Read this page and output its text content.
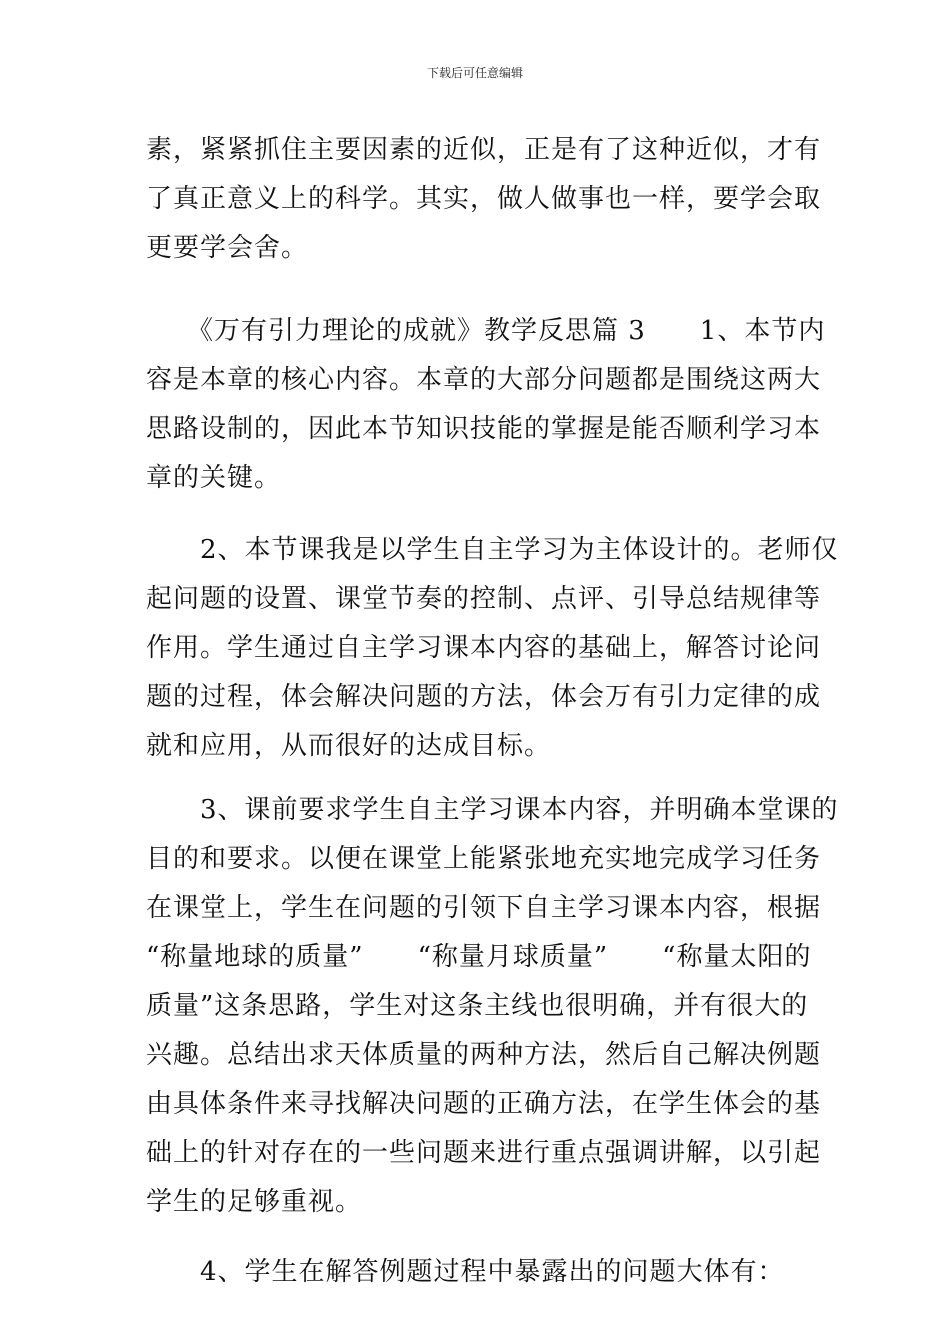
下载后可任意编辑
素，紧紧抓住主要因素的近似，正是有了这种近似，才有
了真正意义上的科学。其实，做人做事也一样，要学会取
更要学会舍。
　　《万有引力理论的成就》教学反思篇 3　　1、本节内
容是本章的核心内容。本章的大部分问题都是围绕这两大
思路设制的，因此本节知识技能的掌握是能否顺利学习本
章的关键。
　　2、本节课我是以学生自主学习为主体设计的。老师仅
起问题的设置、课堂节奏的控制、点评、引导总结规律等
作用。学生通过自主学习课本内容的基础上，解答讨论问
题的过程，体会解决问题的方法，体会万有引力定律的成
就和应用，从而很好的达成目标。
　　3、课前要求学生自主学习课本内容，并明确本堂课的
目的和要求。以便在课堂上能紧张地充实地完成学习任务
在课堂上，学生在问题的引领下自主学习课本内容，根据
“称量地球的质量”　　“称量月球质量”　　“称量太阳的
质量”这条思路，学生对这条主线也很明确，并有很大的
兴趣。总结出求天体质量的两种方法，然后自己解决例题
由具体条件来寻找解决问题的正确方法，在学生体会的基
础上的针对存在的一些问题来进行重点强调讲解，以引起
学生的足够重视。
　　4、学生在解答例题过程中暴露出的问题大体有：
